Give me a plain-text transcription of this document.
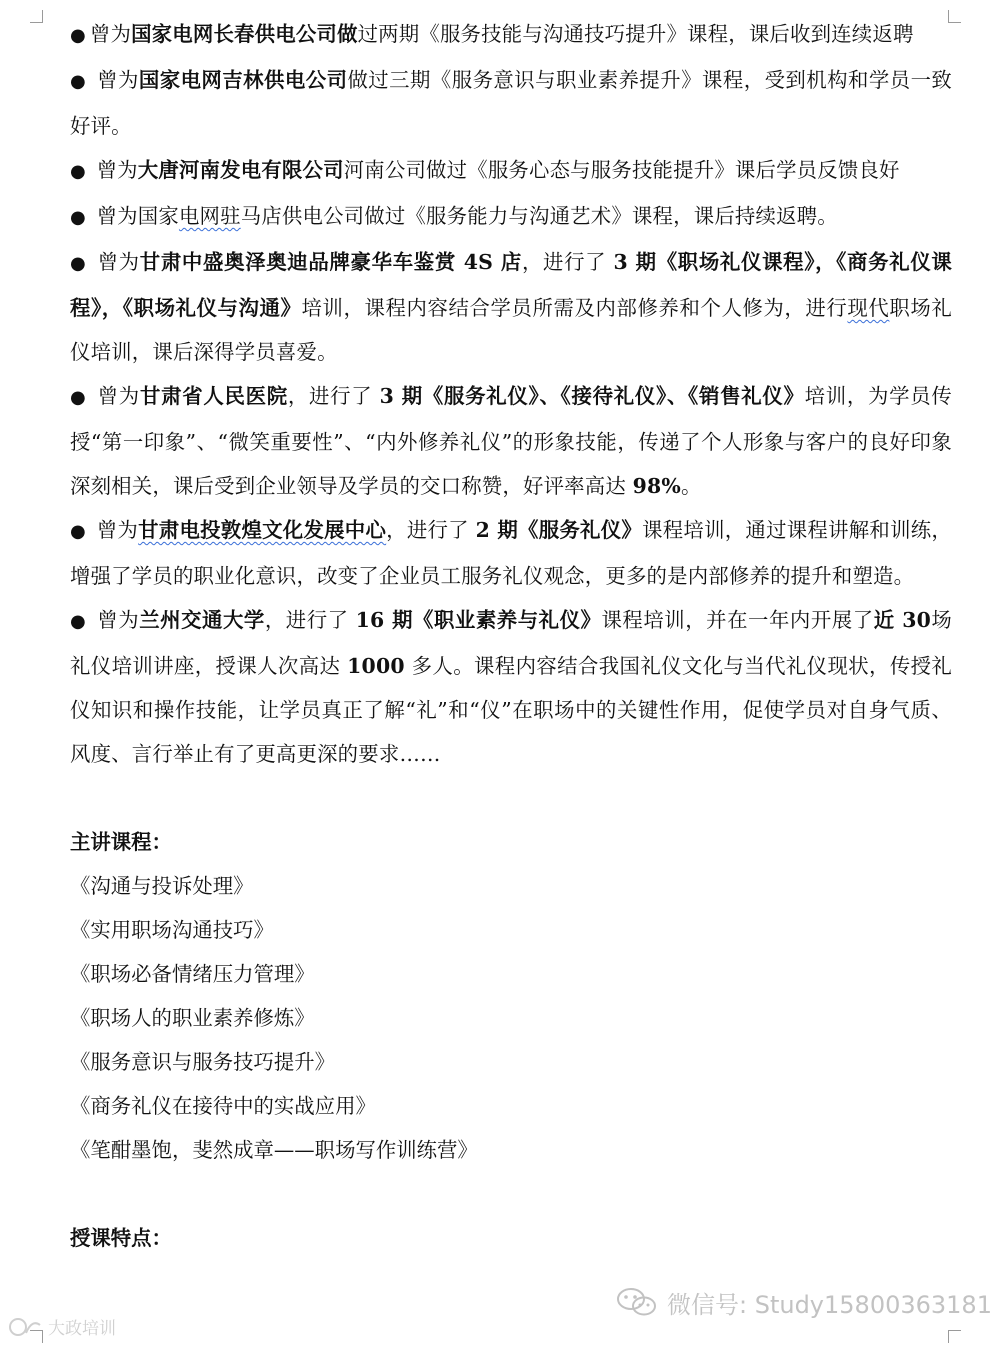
● 曾为国家电网长春供电公司做过两期《服务技能与沟通技巧提升》课程，课后收到连续返聘

● 曾为国家电网吉林供电公司做过三期《服务意识与职业素养提升》课程，受到机构和学员一致好评。

● 曾为大唐河南发电有限公司河南公司做过《服务心态与服务技能提升》课后学员反馈良好

● 曾为国家电网驻马店供电公司做过《服务能力与沟通艺术》课程，课后持续返聘。

● 曾为甘肃中盛奥泽奥迪品牌豪华车鉴赏 4S 店，进行了 3 期《职场礼仪课程》，《商务礼仪课程》，《职场礼仪与沟通》培训，课程内容结合学员所需及内部修养和个人修为，进行现代职场礼仪培训，课后深得学员喜爱。

● 曾为甘肃省人民医院，进行了 3 期《服务礼仪》、《接待礼仪》、《销售礼仪》培训，为学员传授“第一印象”、“微笑重要性”、“内外修养礼仪”的形象技能，传递了个人形象与客户的良好印象深刻相关，课后受到企业领导及学员的交口称赞，好评率高达 98%。

● 曾为甘肃电投敦煌文化发展中心，进行了 2 期《服务礼仪》课程培训，通过课程讲解和训练，增强了学员的职业化意识，改变了企业员工服务礼仪观念，更多的是内部修养的提升和塑造。

● 曾为兰州交通大学，进行了 16 期《职业素养与礼仪》课程培训，并在一年内开展了近 30场礼仪培训讲座，授课人次高达 1000 多人。课程内容结合我国礼仪文化与当代礼仪现状，传授礼仪知识和操作技能，让学员真正了解“礼”和“仪”在职场中的关键性作用，促使学员对自身气质、风度、言行举止有了更高更深的要求……

主讲课程：

《沟通与投诉处理》

《实用职场沟通技巧》

《职场必备情绪压力管理》

《职场人的职业素养修炼》

《服务意识与服务技巧提升》

《商务礼仪在接待中的实战应用》

《笔酣墨饱，斐然成章——职场写作训练营》

授课特点：

微信号: Study15800363181
大政培训
